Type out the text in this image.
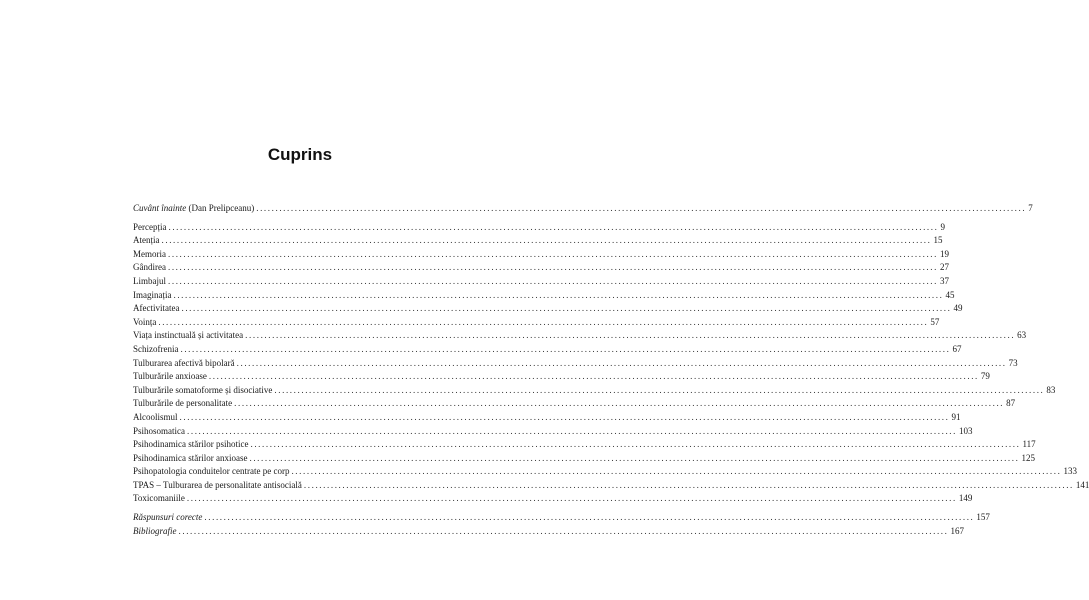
Cuprins
Cuvânt înainte (Dan Prelipceanu) ........................................................................................................................................................................................................ 7
Percepția ........................................................................................................................................................................................................ 9
Atenția ........................................................................................................................................................................................................ 15
Memoria ........................................................................................................................................................................................................ 19
Gândirea ........................................................................................................................................................................................................ 27
Limbajul ........................................................................................................................................................................................................ 37
Imaginația ........................................................................................................................................................................................................ 45
Afectivitatea ........................................................................................................................................................................................................ 49
Voința ........................................................................................................................................................................................................ 57
Viața instinctuală și activitatea ........................................................................................................................................................................................................ 63
Schizofrenia ........................................................................................................................................................................................................ 67
Tulburarea afectivă bipolară ........................................................................................................................................................................................................ 73
Tulburările anxioase ........................................................................................................................................................................................................ 79
Tulburările somatoforme și disociative ........................................................................................................................................................................................................ 83
Tulburările de personalitate ........................................................................................................................................................................................................ 87
Alcoolismul ........................................................................................................................................................................................................ 91
Psihosomatica ........................................................................................................................................................................................................ 103
Psihodinamica stărilor psihotice ........................................................................................................................................................................................................ 117
Psihodinamica stărilor anxioase ........................................................................................................................................................................................................ 125
Psihopatologia conduitelor centrate pe corp ........................................................................................................................................................................................................ 133
TPAS – Tulburarea de personalitate antisocială ........................................................................................................................................................................................................ 141
Toxicomaniile ........................................................................................................................................................................................................ 149
Răspunsuri corecte ........................................................................................................................................................................................................ 157
Bibliografie ........................................................................................................................................................................................................ 167
